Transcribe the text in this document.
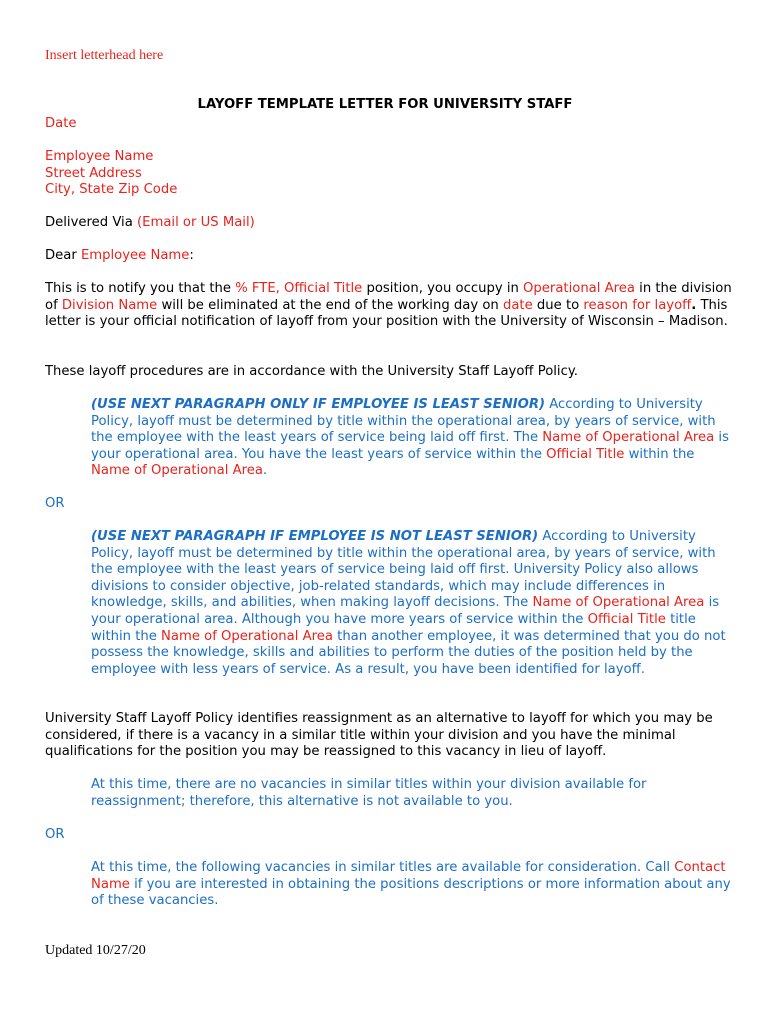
Insert letterhead here

LAYOFF TEMPLATE LETTER FOR UNIVERSITY STAFF

Date

Employee Name
Street Address
City, State Zip Code

Delivered Via (Email or US Mail)

Dear Employee Name:

This is to notify you that the % FTE, Official Title position, you occupy in Operational Area in the division of Division Name will be eliminated at the end of the working day on date due to reason for layoff. This letter is your official notification of layoff from your position with the University of Wisconsin – Madison.

These layoff procedures are in accordance with the University Staff Layoff Policy.

(USE NEXT PARAGRAPH ONLY IF EMPLOYEE IS LEAST SENIOR) According to University Policy, layoff must be determined by title within the operational area, by years of service, with the employee with the least years of service being laid off first. The Name of Operational Area is your operational area. You have the least years of service within the Official Title within the Name of Operational Area.

OR

(USE NEXT PARAGRAPH IF EMPLOYEE IS NOT LEAST SENIOR) According to University Policy, layoff must be determined by title within the operational area, by years of service, with the employee with the least years of service being laid off first. University Policy also allows divisions to consider objective, job-related standards, which may include differences in knowledge, skills, and abilities, when making layoff decisions. The Name of Operational Area is your operational area. Although you have more years of service within the Official Title title within the Name of Operational Area than another employee, it was determined that you do not possess the knowledge, skills and abilities to perform the duties of the position held by the employee with less years of service. As a result, you have been identified for layoff.

University Staff Layoff Policy identifies reassignment as an alternative to layoff for which you may be considered, if there is a vacancy in a similar title within your division and you have the minimal qualifications for the position you may be reassigned to this vacancy in lieu of layoff.

At this time, there are no vacancies in similar titles within your division available for reassignment; therefore, this alternative is not available to you.

OR

At this time, the following vacancies in similar titles are available for consideration. Call Contact Name if you are interested in obtaining the positions descriptions or more information about any of these vacancies.

Updated 10/27/20
